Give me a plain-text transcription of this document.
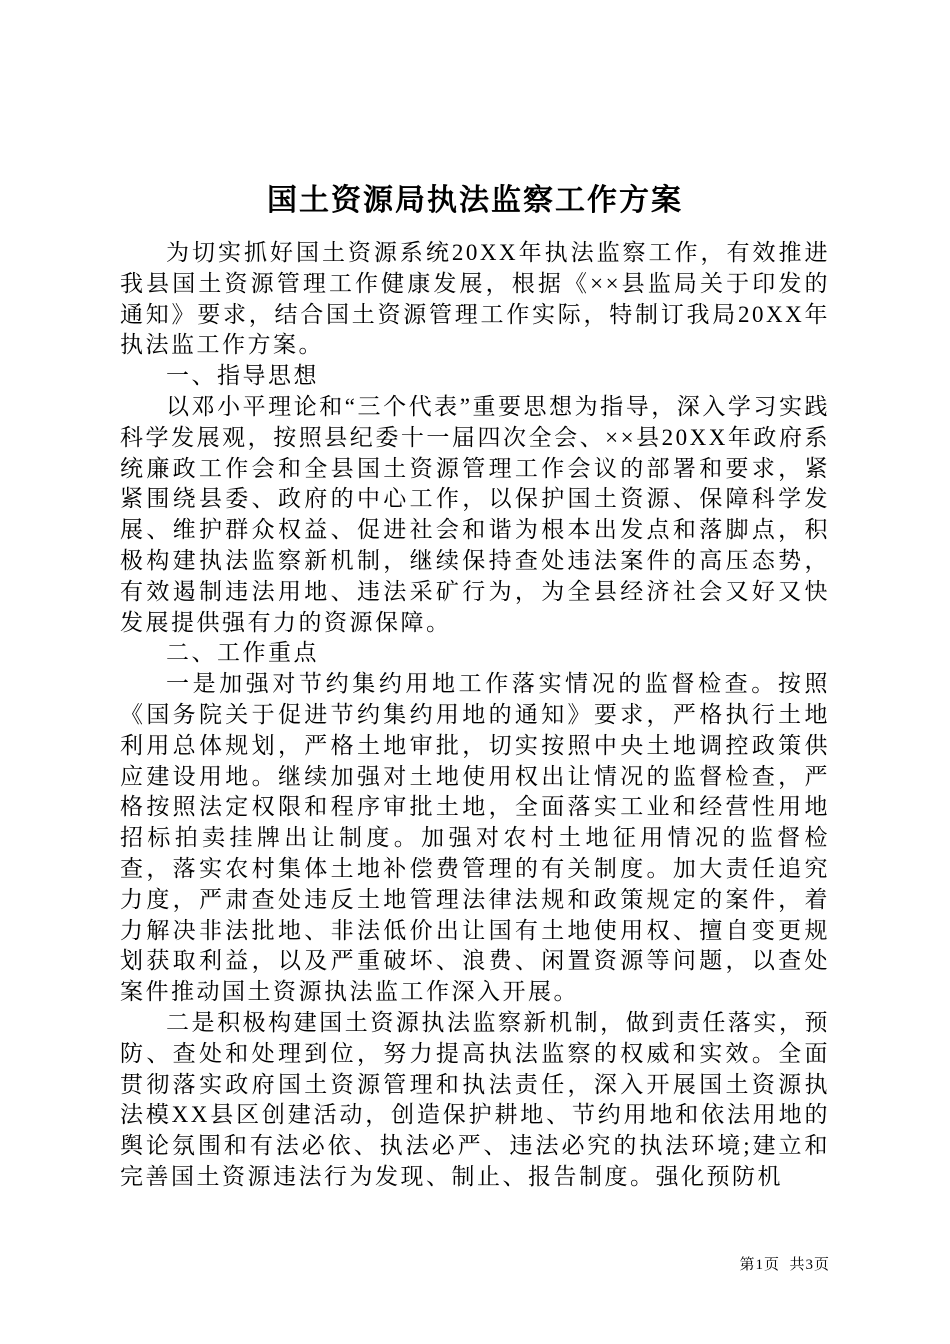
国土资源局执法监察工作方案

为切实抓好国土资源系统20XX年执法监察工作，有效推进我县国土资源管理工作健康发展，根据《××县监局关于印发的通知》要求，结合国土资源管理工作实际，特制订我局20XX年执法监工作方案。

一、指导思想

以邓小平理论和“三个代表”重要思想为指导，深入学习实践科学发展观，按照县纪委十一届四次全会、××县20XX年政府系统廉政工作会和全县国土资源管理工作会议的部署和要求，紧紧围绕县委、政府的中心工作，以保护国土资源、保障科学发展、维护群众权益、促进社会和谐为根本出发点和落脚点，积极构建执法监察新机制，继续保持查处违法案件的高压态势，有效遏制违法用地、违法采矿行为，为全县经济社会又好又快发展提供强有力的资源保障。

二、工作重点

一是加强对节约集约用地工作落实情况的监督检查。按照《国务院关于促进节约集约用地的通知》要求，严格执行土地利用总体规划，严格土地审批，切实按照中央土地调控政策供应建设用地。继续加强对土地使用权出让情况的监督检查，严格按照法定权限和程序审批土地，全面落实工业和经营性用地招标拍卖挂牌出让制度。加强对农村土地征用情况的监督检查，落实农村集体土地补偿费管理的有关制度。加大责任追究力度，严肃查处违反土地管理法律法规和政策规定的案件，着力解决非法批地、非法低价出让国有土地使用权、擅自变更规划获取利益，以及严重破坏、浪费、闲置资源等问题，以查处案件推动国土资源执法监工作深入开展。

二是积极构建国土资源执法监察新机制，做到责任落实，预防、查处和处理到位，努力提高执法监察的权威和实效。全面贯彻落实政府国土资源管理和执法责任，深入开展国土资源执法模XX县区创建活动，创造保护耕地、节约用地和依法用地的舆论氛围和有法必依、执法必严、违法必究的执法环境;建立和完善国土资源违法行为发现、制止、报告制度。强化预防机

第1页  共3页
